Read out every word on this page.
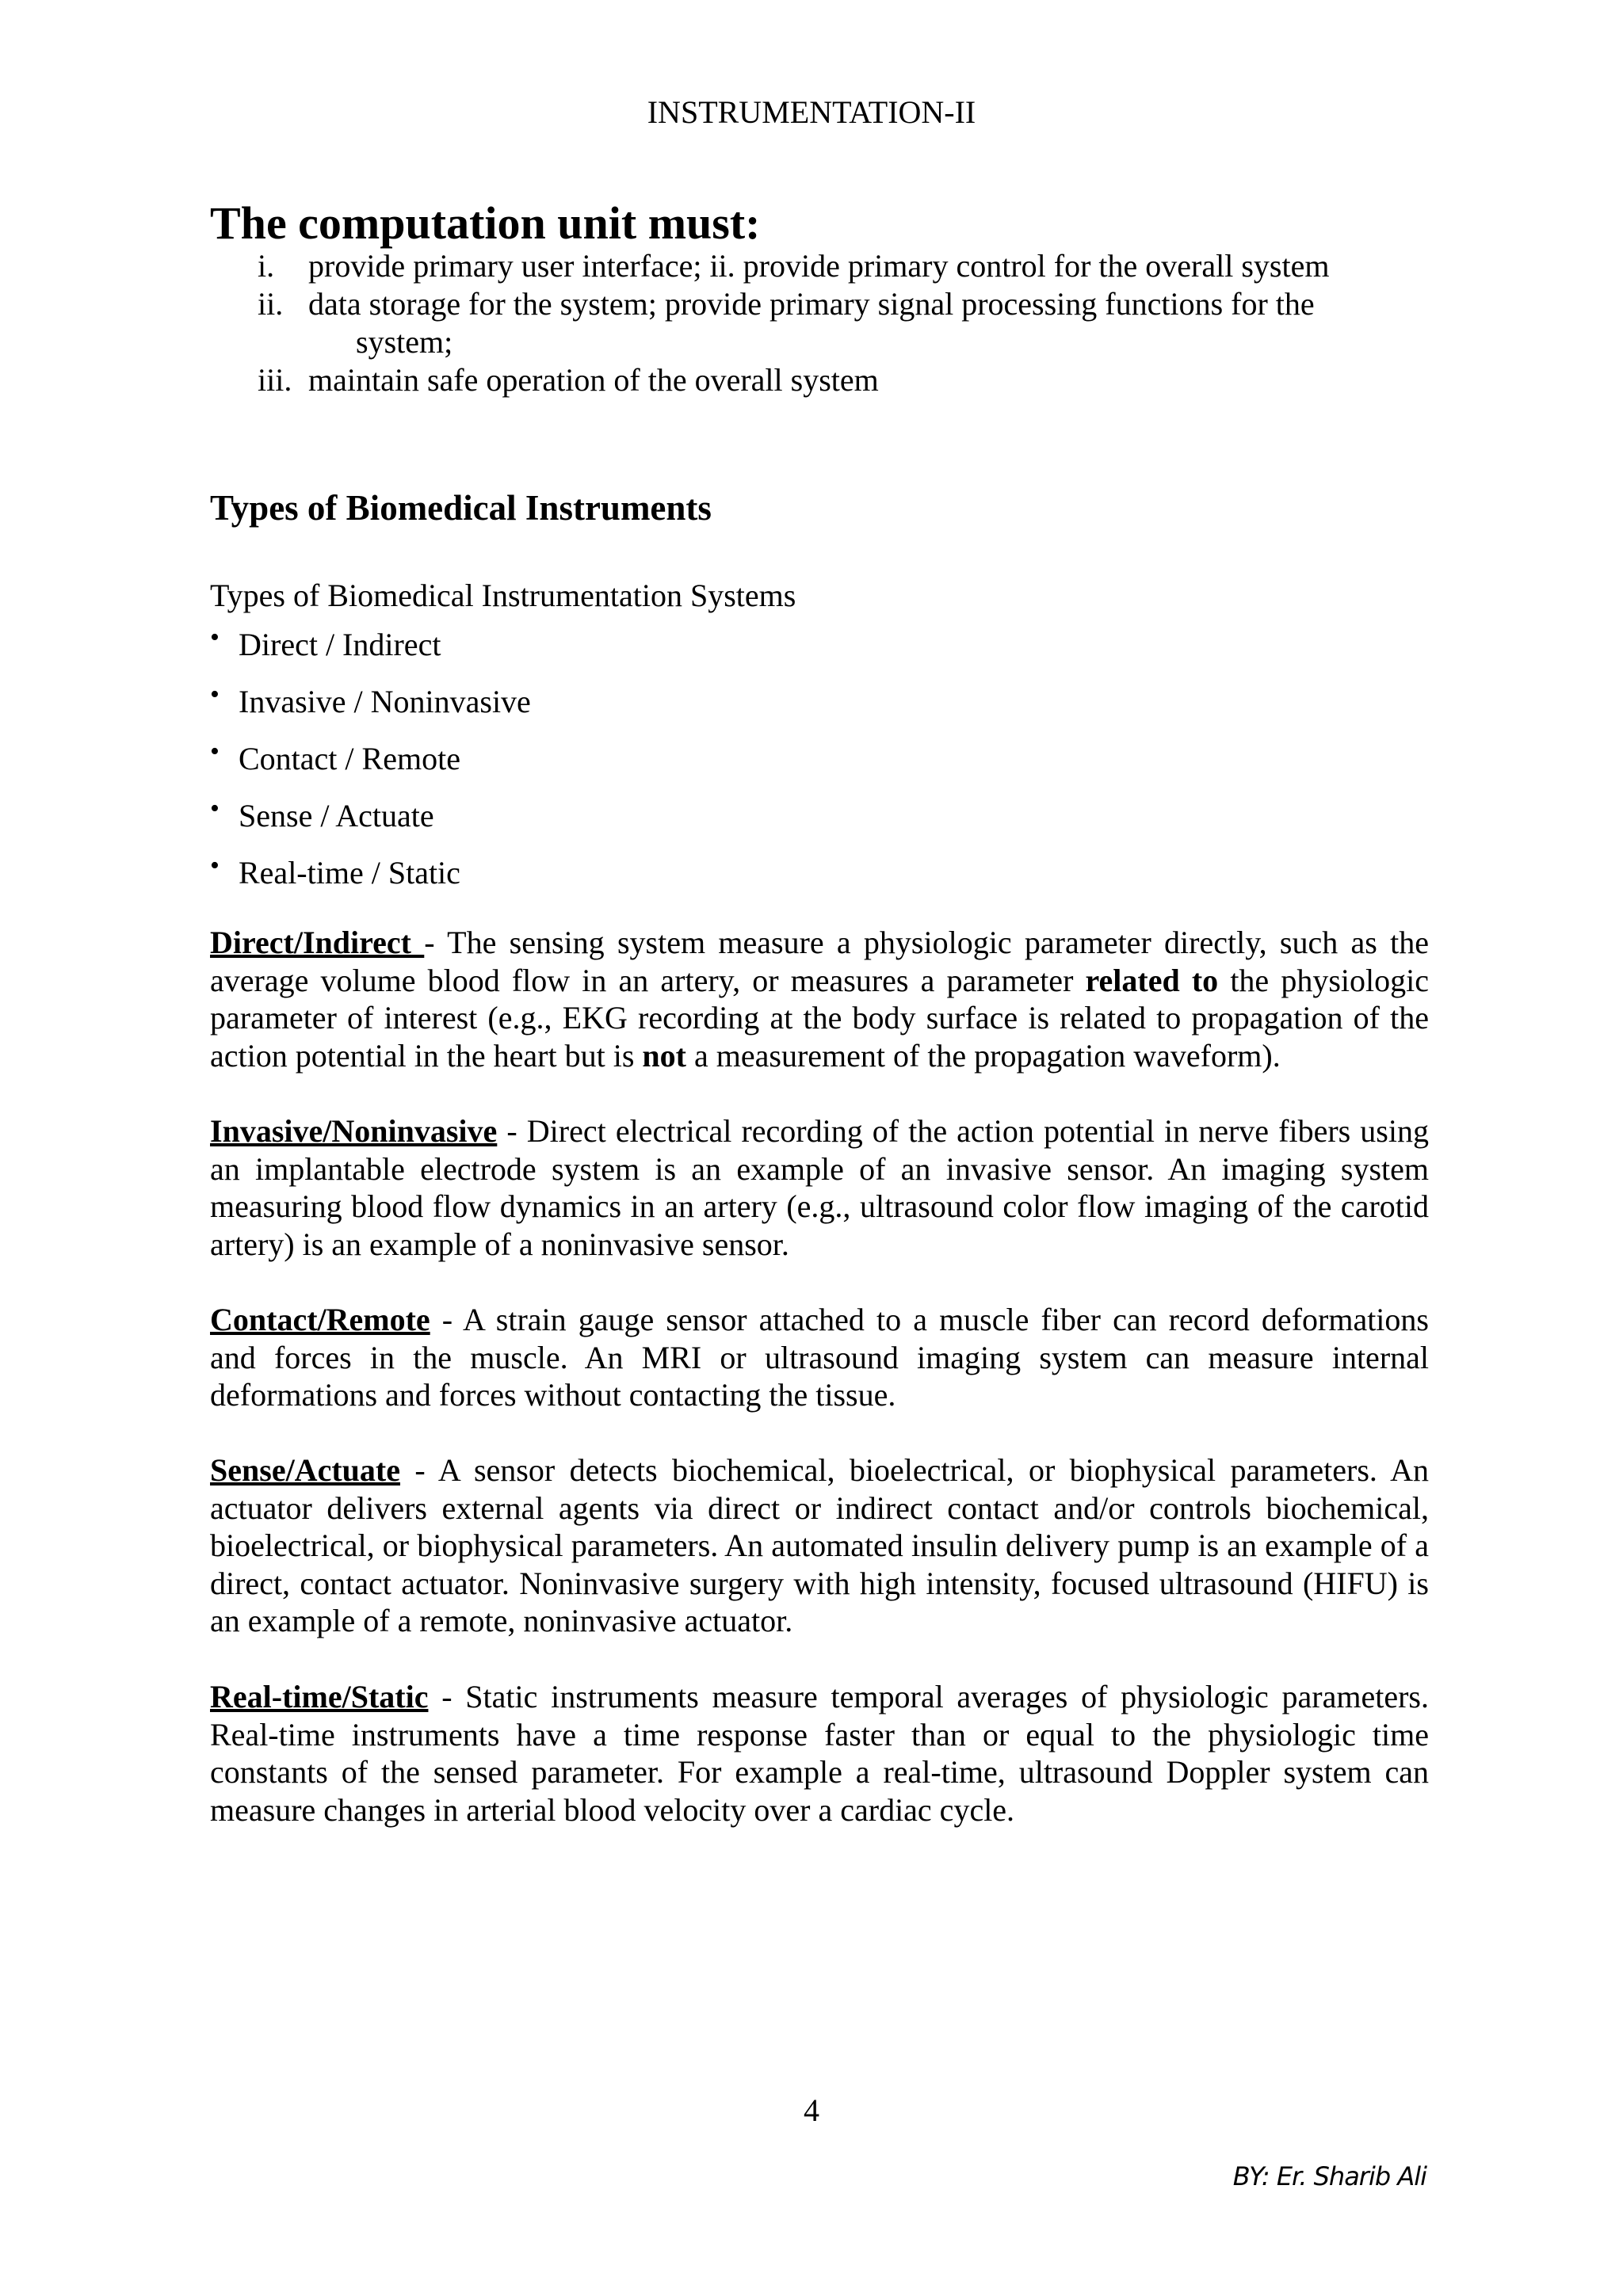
INSTRUMENTATION-II
The computation unit must:
i.	provide primary user interface; ii. provide primary control for the overall system
ii. data storage for the system; provide primary signal processing functions for the
system;
iii. maintain safe operation of the overall system
Types of Biomedical Instruments
Types of Biomedical Instrumentation Systems
• Direct / Indirect
• Invasive / Noninvasive
• Contact / Remote
• Sense / Actuate
• Real-time / Static

Direct/Indirect - The sensing system measure a physiologic parameter directly, such as the average volume blood flow in an artery, or measures a parameter related to the physiologic parameter of interest (e.g., EKG recording at the body surface is related to propagation of the action potential in the heart but is not a measurement of the propagation waveform).

Invasive/Noninvasive - Direct electrical recording of the action potential in nerve fibers using an implantable electrode system is an example of an invasive sensor. An imaging system measuring blood flow dynamics in an artery (e.g., ultrasound color flow imaging of the carotid artery) is an example of a noninvasive sensor.

Contact/Remote - A strain gauge sensor attached to a muscle fiber can record deformations and forces in the muscle. An MRI or ultrasound imaging system can measure internal deformations and forces without contacting the tissue.

Sense/Actuate - A sensor detects biochemical, bioelectrical, or biophysical parameters. An actuator delivers external agents via direct or indirect contact and/or controls biochemical, bioelectrical, or biophysical parameters. An automated insulin delivery pump is an example of a direct, contact actuator. Noninvasive surgery with high intensity, focused ultrasound (HIFU) is an example of a remote, noninvasive actuator.

Real-time/Static - Static instruments measure temporal averages of physiologic parameters. Real-time instruments have a time response faster than or equal to the physiologic time constants of the sensed parameter. For example a real-time, ultrasound Doppler system can measure changes in arterial blood velocity over a cardiac cycle.

4
BY: Er. Sharib Ali
